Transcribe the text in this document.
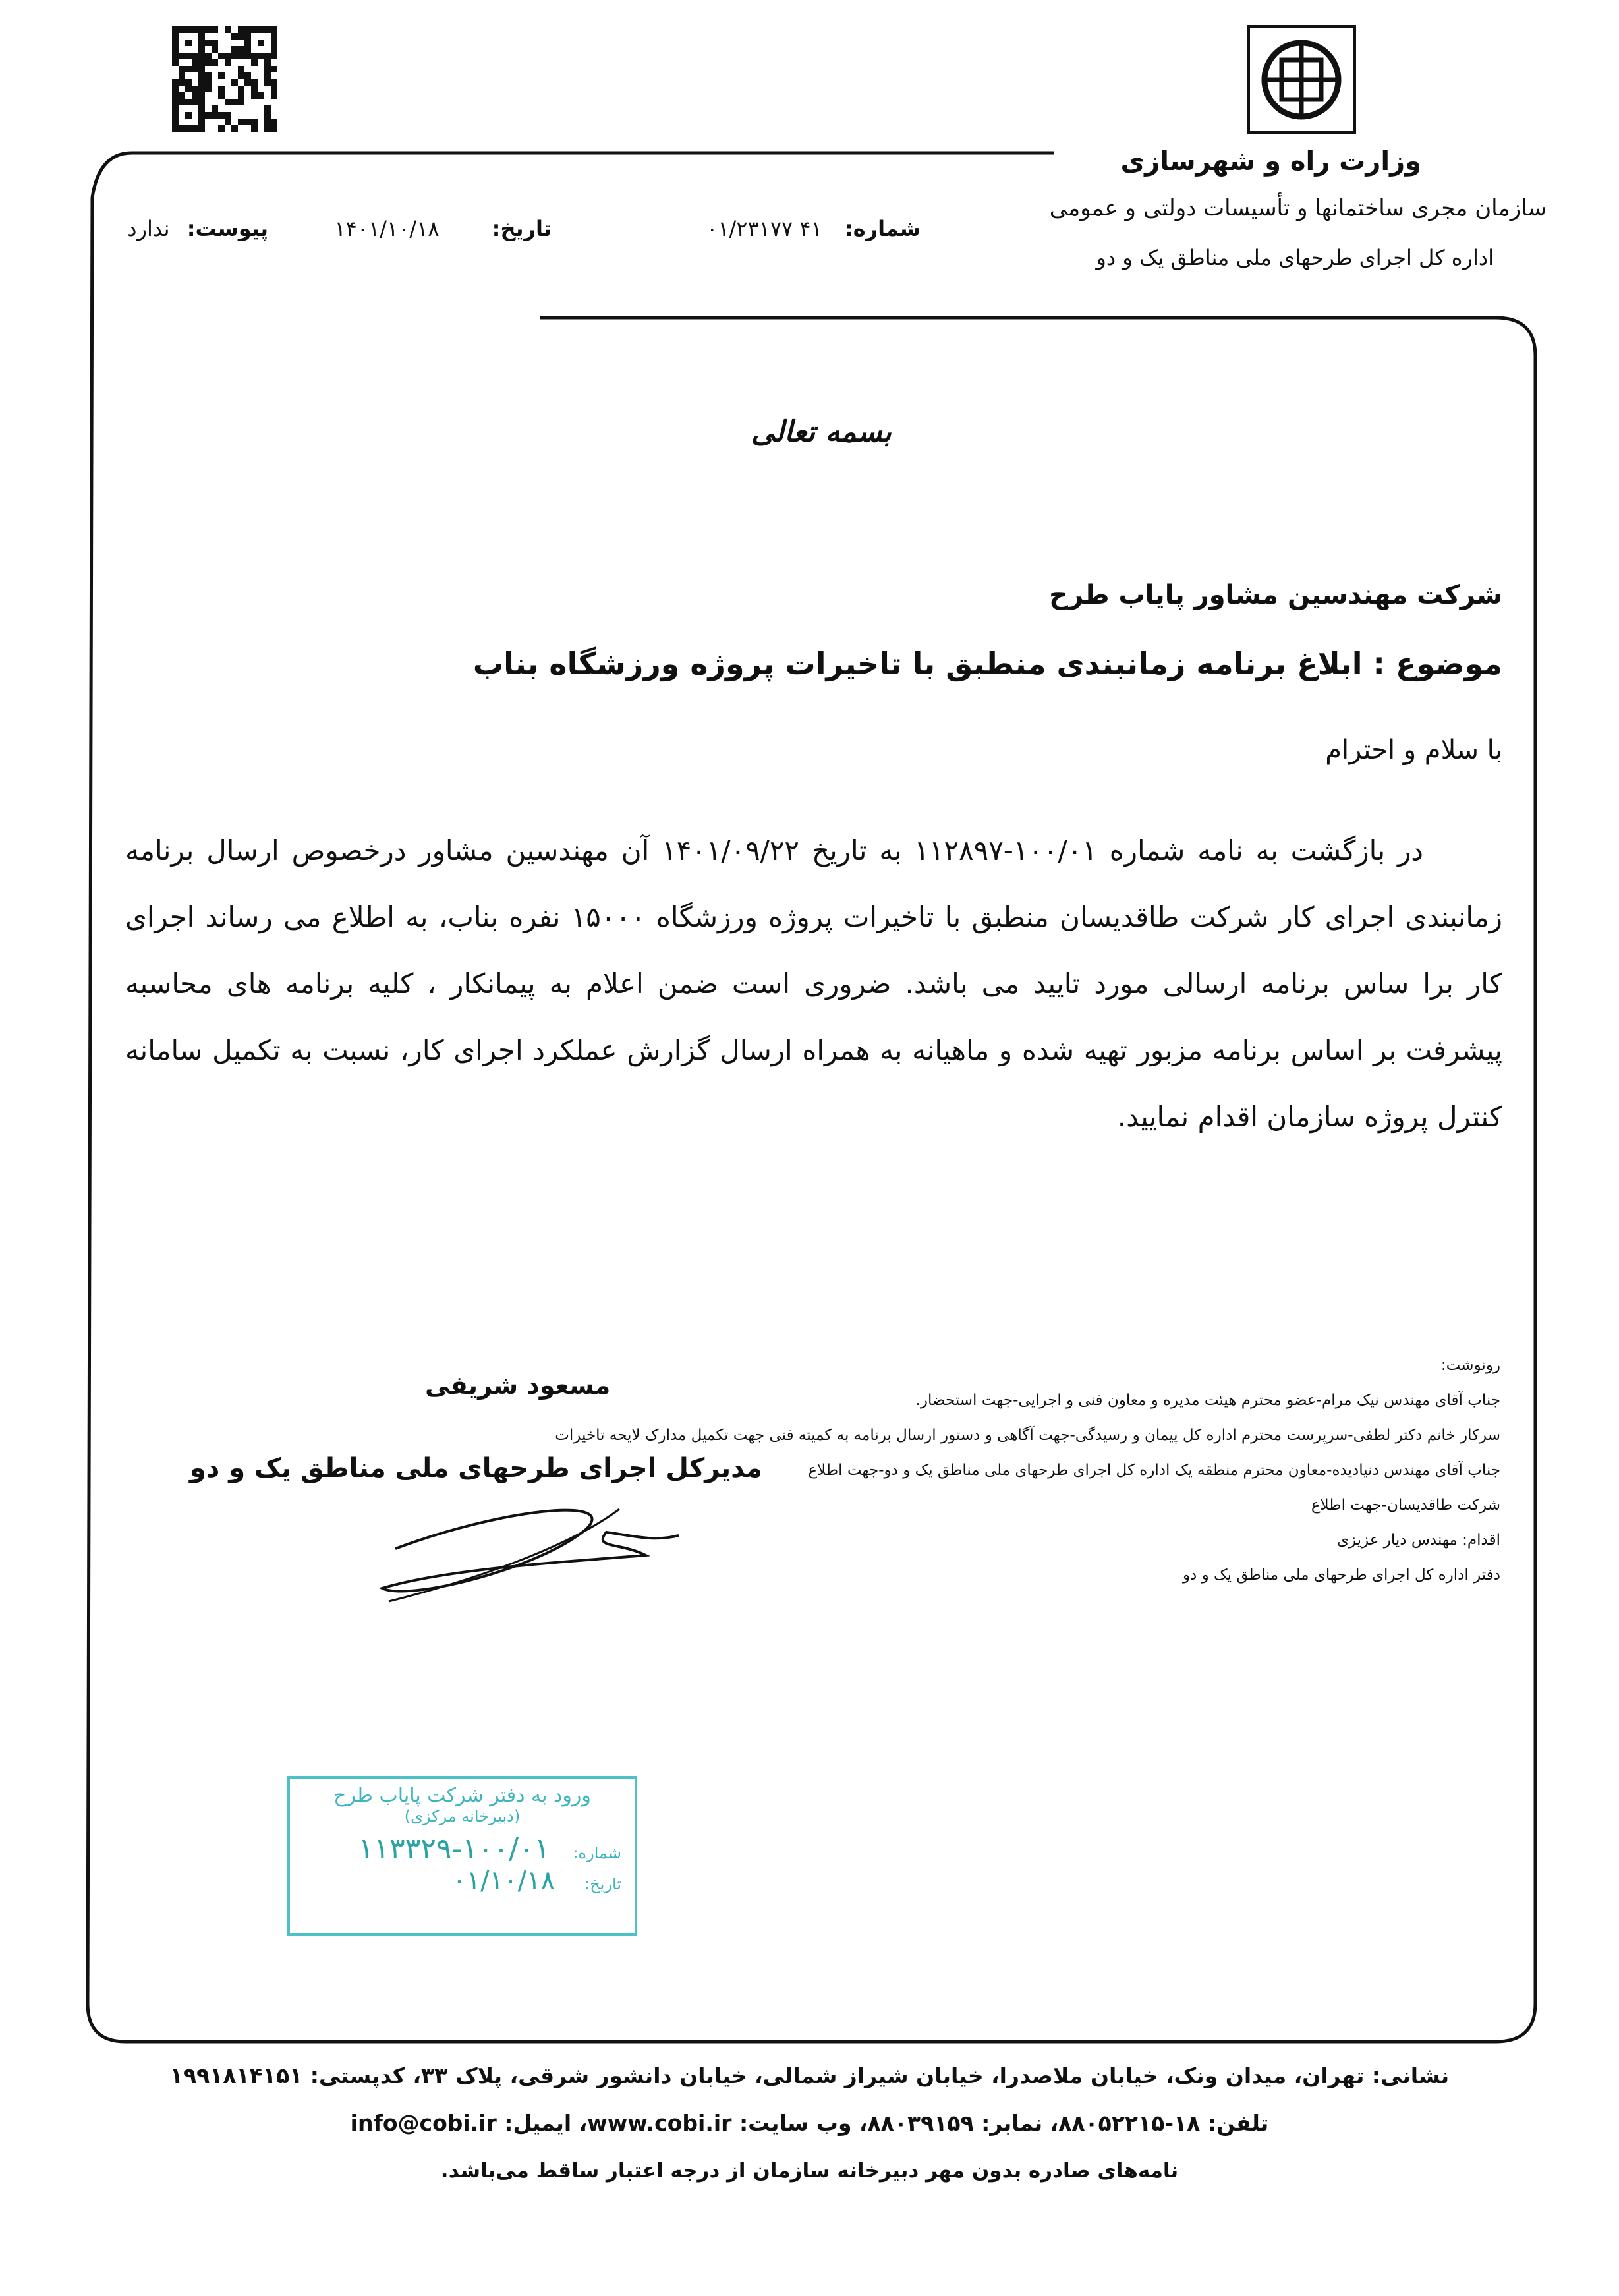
وزارت راه و شهرسازی
سازمان مجری ساختمانها و تأسیسات دولتی و عمومی
اداره کل اجرای طرحهای ملی مناطق یک و دو
شماره: ۴۱ ۰۱/۲۳۱۷۷
تاریخ: ۱۴۰۱/۱۰/۱۸
پیوست: ندارد
بسمه تعالی
شرکت مهندسین مشاور پایاب طرح
موضوع : ابلاغ برنامه زمانبندی منطبق با تاخیرات پروژه ورزشگاه بناب
با سلام و احترام
در بازگشت به نامه شماره ۱۰۰/۰۱-۱۱۲۸۹۷ به تاریخ ۱۴۰۱/۰۹/۲۲ آن مهندسین مشاور درخصوص ارسال برنامه زمانبندی اجرای کار شرکت طاقدیسان منطبق با تاخیرات پروژه ورزشگاه ۱۵۰۰۰ نفره بناب، به اطلاع می رساند اجرای کار برا ساس برنامه ارسالی مورد تایید می باشد. ضروری است ضمن اعلام به پیمانکار ، کلیه برنامه های محاسبه پیشرفت بر اساس برنامه مزبور تهیه شده و ماهیانه به همراه ارسال گزارش عملکرد اجرای کار، نسبت به تکمیل سامانه کنترل پروژه سازمان اقدام نمایید.
مسعود شریفی
مدیرکل اجرای طرحهای ملی مناطق یک و دو
رونوشت:
جناب آقای مهندس نیک مرام-عضو محترم هیئت مدیره و معاون فنی و اجرایی-جهت استحضار.
سرکار خانم دکتر لطفی-سرپرست محترم اداره کل پیمان و رسیدگی-جهت آگاهی و دستور ارسال برنامه به کمیته فنی جهت تکمیل مدارک لایحه تاخیرات
جناب آقای مهندس دنیادیده-معاون محترم منطقه یک اداره کل اجرای طرحهای ملی مناطق یک و دو-جهت اطلاع
شرکت طاقدیسان-جهت اطلاع
اقدام: مهندس دیار عزیزی
دفتر اداره کل اجرای طرحهای ملی مناطق یک و دو
ورود به دفتر شرکت پایاب طرح
(دبیرخانه مرکزی)
شماره: ۱۰۰/۰۱-۱۱۳۳۲۹
تاریخ: ۰۱/۱۰/۱۸
نشانی: تهران، میدان ونک، خیابان ملاصدرا، خیابان شیراز شمالی، خیابان دانشور شرقی، پلاک ۳۳، کدپستی: ۱۹۹۱۸۱۴۱۵۱
تلفن: ۱۸-۸۸۰۵۲۲۱۵، نمابر: ۸۸۰۳۹۱۵۹، وب سایت: www.cobi.ir، ایمیل: info@cobi.ir
نامه‌های صادره بدون مهر دبیرخانه سازمان از درجه اعتبار ساقط می‌باشد.
